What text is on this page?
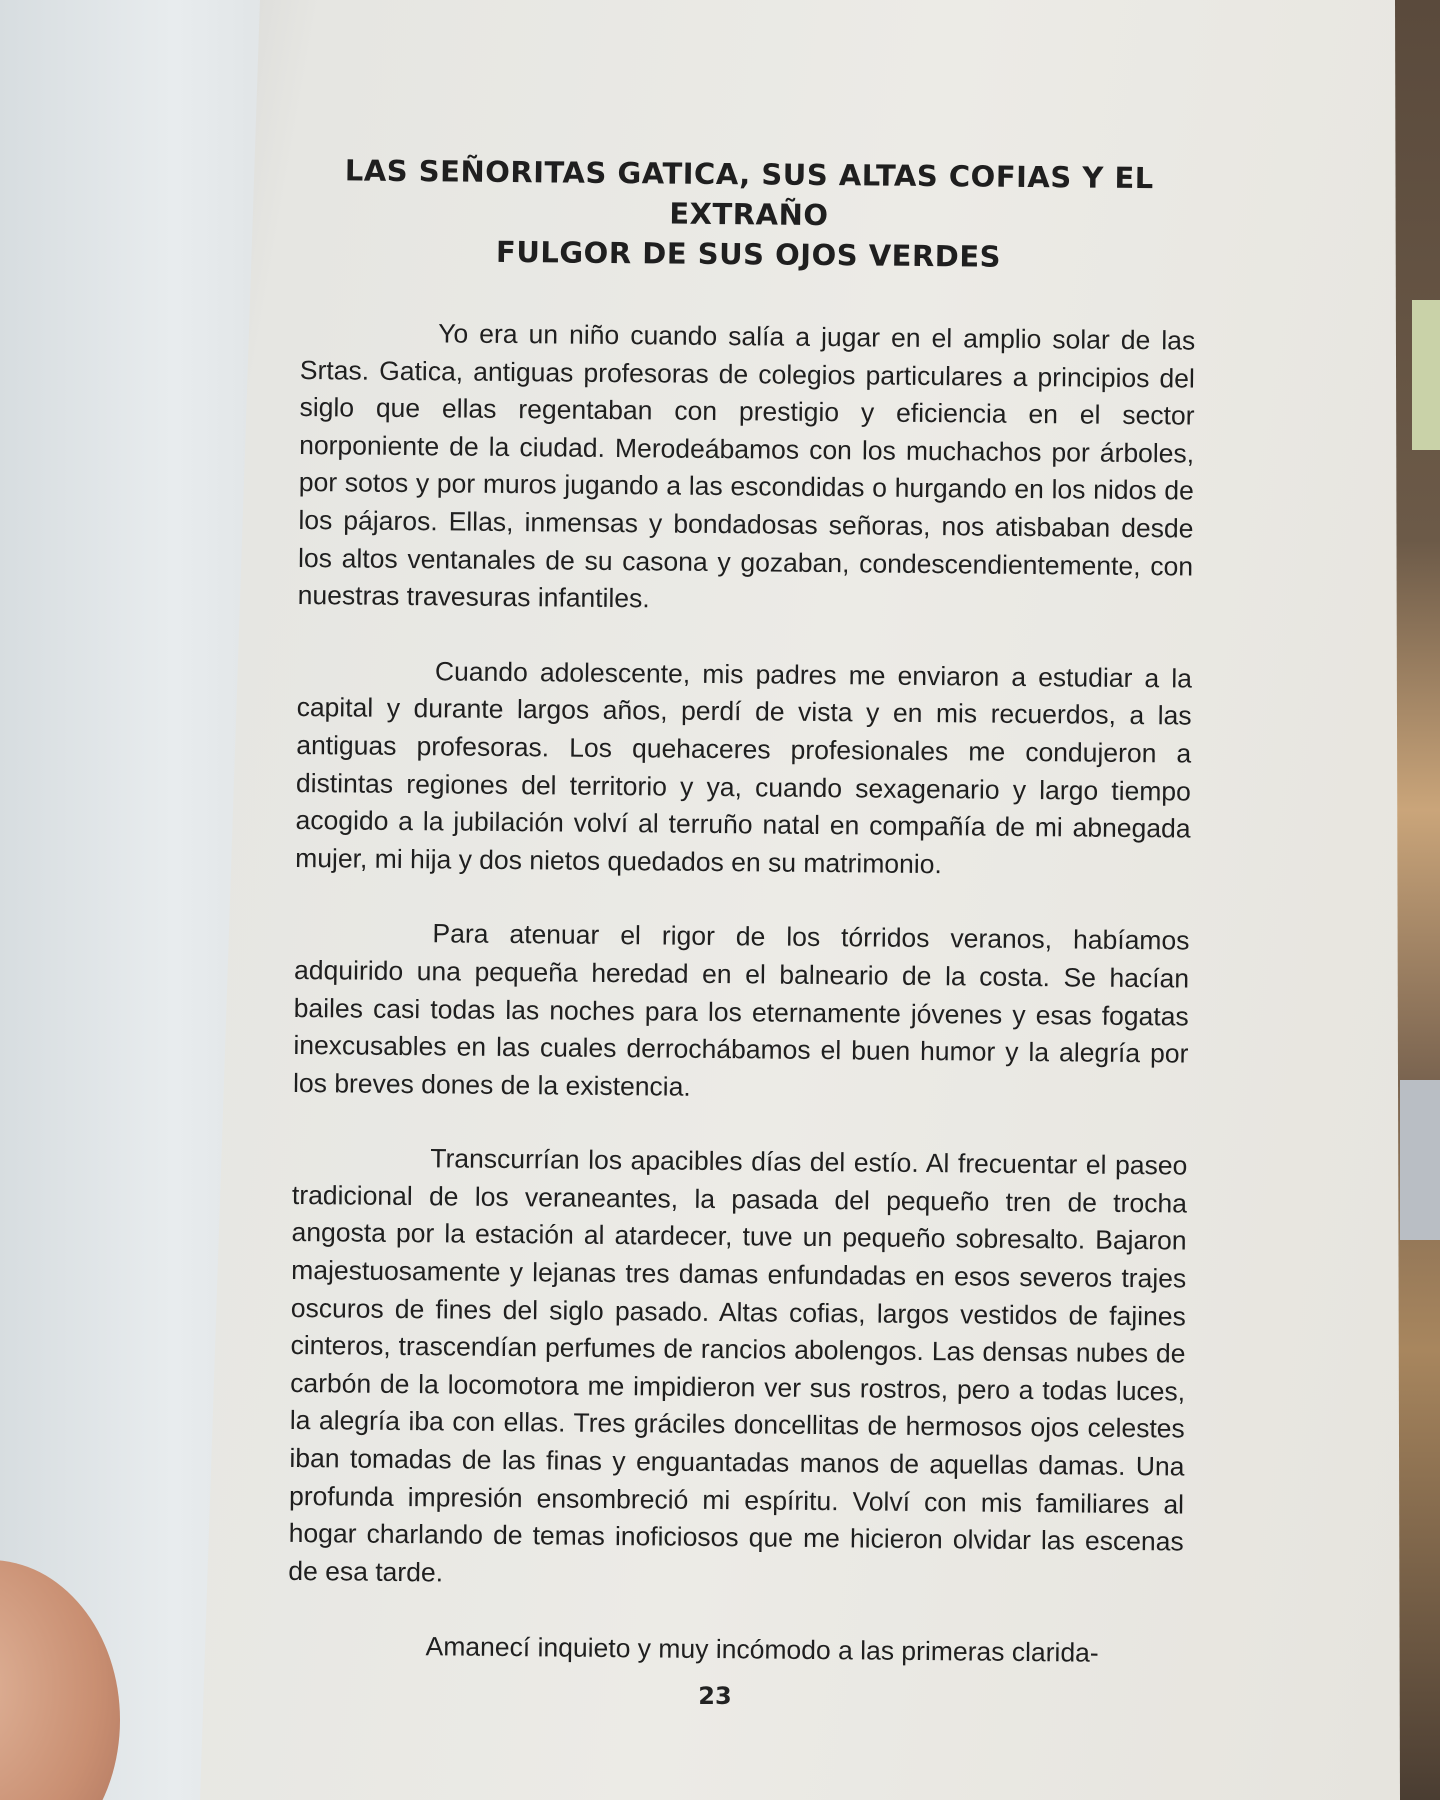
LAS SEÑORITAS GATICA, SUS ALTAS COFIAS Y EL EXTRAÑO
FULGOR DE SUS OJOS VERDES

Yo era un niño cuando salía a jugar en el amplio solar de las Srtas. Gatica, antiguas profesoras de colegios particulares a principios del siglo que ellas regentaban con prestigio y eficiencia en el sector norponiente de la ciudad. Merodeábamos con los muchachos por árboles, por sotos y por muros jugando a las escondidas o hurgando en los nidos de los pájaros. Ellas, inmensas y bondadosas señoras, nos atisbaban desde los altos ventanales de su casona y gozaban, condescendientemente, con nuestras travesuras infantiles.

Cuando adolescente, mis padres me enviaron a estudiar a la capital y durante largos años, perdí de vista y en mis recuerdos, a las antiguas profesoras. Los quehaceres profesionales me condujeron a distintas regiones del territorio y ya, cuando sexagenario y largo tiempo acogido a la jubilación volví al terruño natal en compañía de mi abnegada mujer, mi hija y dos nietos quedados en su matrimonio.

Para atenuar el rigor de los tórridos veranos, habíamos adquirido una pequeña heredad en el balneario de la costa. Se hacían bailes casi todas las noches para los eternamente jóvenes y esas fogatas inexcusables en las cuales derrochábamos el buen humor y la alegría por los breves dones de la existencia.

Transcurrían los apacibles días del estío. Al frecuentar el paseo tradicional de los veraneantes, la pasada del pequeño tren de trocha angosta por la estación al atardecer, tuve un pequeño sobresalto. Bajaron majestuosamente y lejanas tres damas enfundadas en esos severos trajes oscuros de fines del siglo pasado. Altas cofias, largos vestidos de fajines cinteros, trascendían perfumes de rancios abolengos. Las densas nubes de carbón de la locomotora me impidieron ver sus rostros, pero a todas luces, la alegría iba con ellas. Tres gráciles doncellitas de hermosos ojos celestes iban tomadas de las finas y enguantadas manos de aquellas damas. Una profunda impresión ensombreció mi espíritu. Volví con mis familiares al hogar charlando de temas inoficiosos que me hicieron olvidar las escenas de esa tarde.

Amanecí inquieto y muy incómodo a las primeras clarida-

23
